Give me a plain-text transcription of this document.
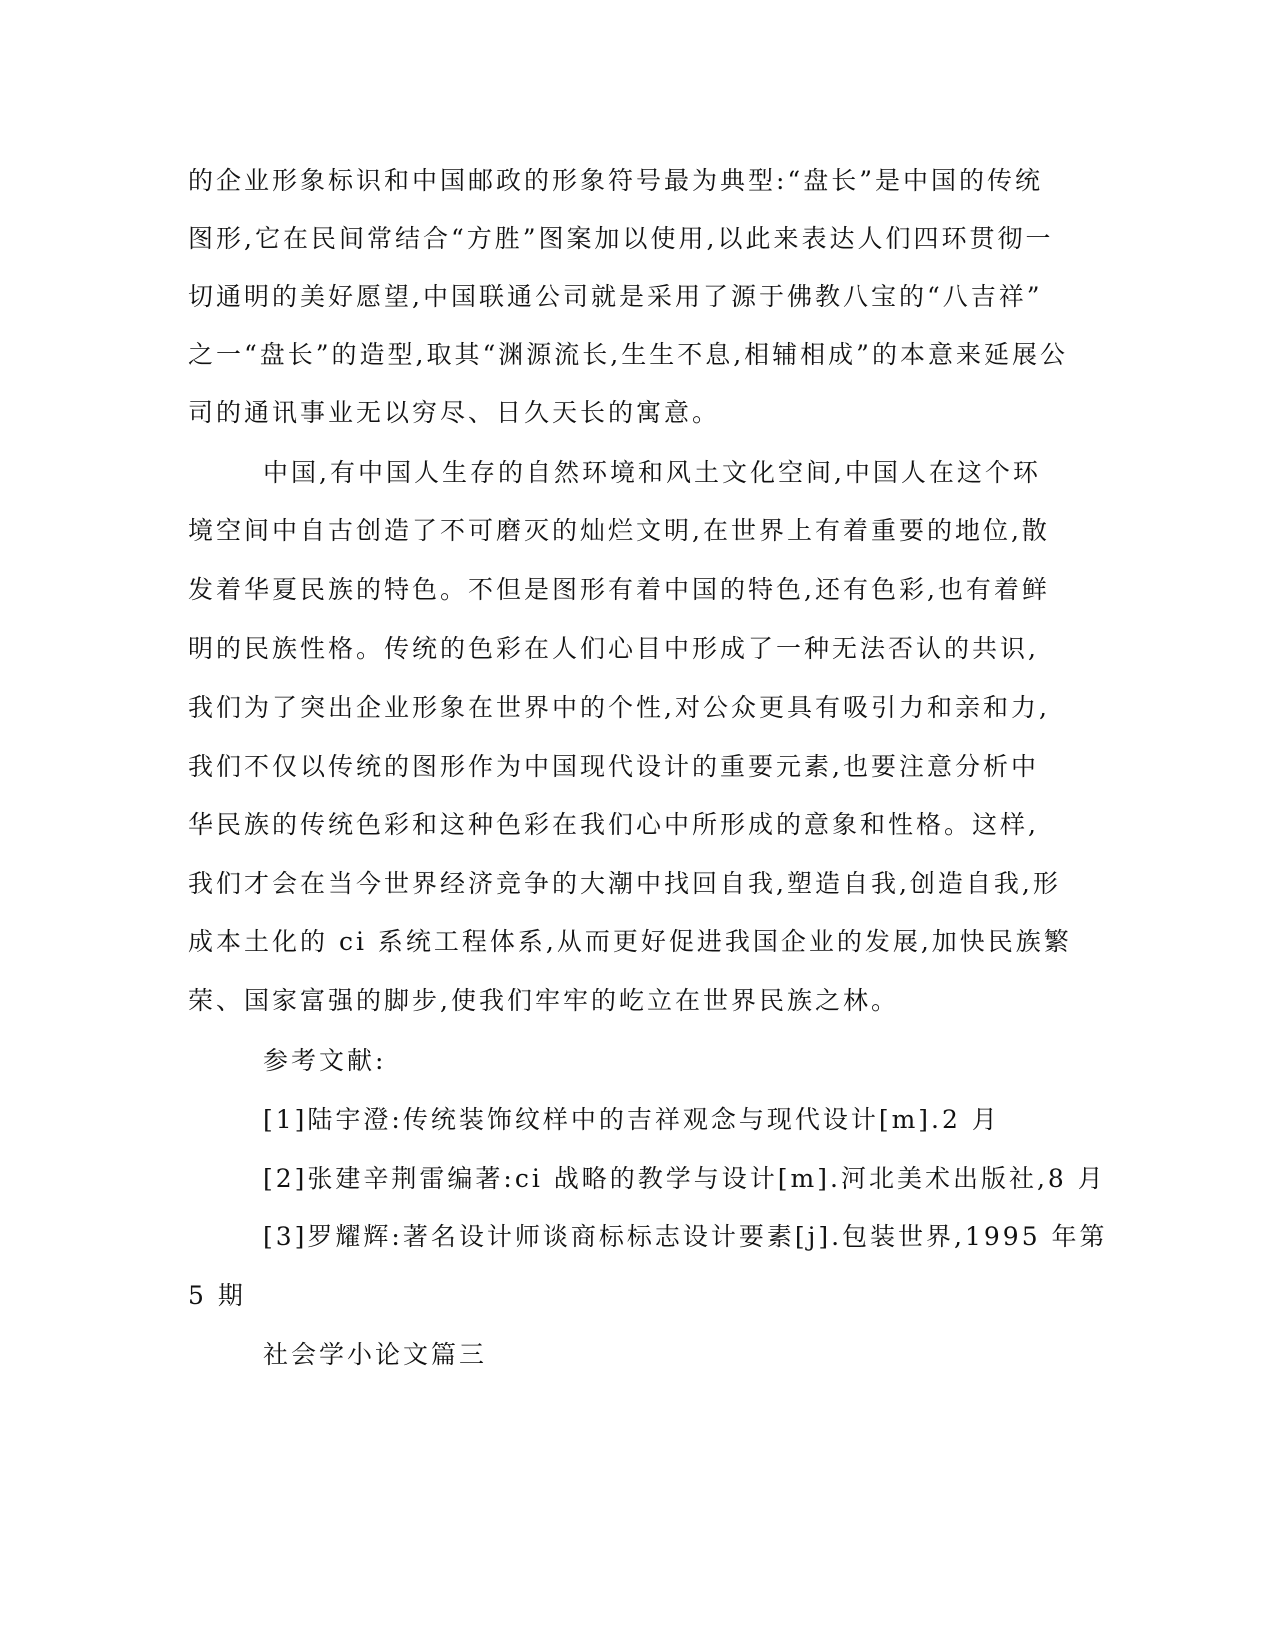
的企业形象标识和中国邮政的形象符号最为典型:“盘长”是中国的传统
图形,它在民间常结合“方胜”图案加以使用,以此来表达人们四环贯彻一
切通明的美好愿望,中国联通公司就是采用了源于佛教八宝的“八吉祥”
之一“盘长”的造型,取其“渊源流长,生生不息,相辅相成”的本意来延展公
司的通讯事业无以穷尽、日久天长的寓意。
中国,有中国人生存的自然环境和风土文化空间,中国人在这个环
境空间中自古创造了不可磨灭的灿烂文明,在世界上有着重要的地位,散
发着华夏民族的特色。不但是图形有着中国的特色,还有色彩,也有着鲜
明的民族性格。传统的色彩在人们心目中形成了一种无法否认的共识,
我们为了突出企业形象在世界中的个性,对公众更具有吸引力和亲和力,
我们不仅以传统的图形作为中国现代设计的重要元素,也要注意分析中
华民族的传统色彩和这种色彩在我们心中所形成的意象和性格。这样,
我们才会在当今世界经济竞争的大潮中找回自我,塑造自我,创造自我,形
成本土化的 ci 系统工程体系,从而更好促进我国企业的发展,加快民族繁
荣、国家富强的脚步,使我们牢牢的屹立在世界民族之林。
参考文献:
[1]陆宇澄:传统装饰纹样中的吉祥观念与现代设计[m].2 月
[2]张建辛荆雷编著:ci 战略的教学与设计[m].河北美术出版社,8 月
[3]罗耀辉:著名设计师谈商标标志设计要素[j].包装世界,1995 年第
5 期
社会学小论文篇三
